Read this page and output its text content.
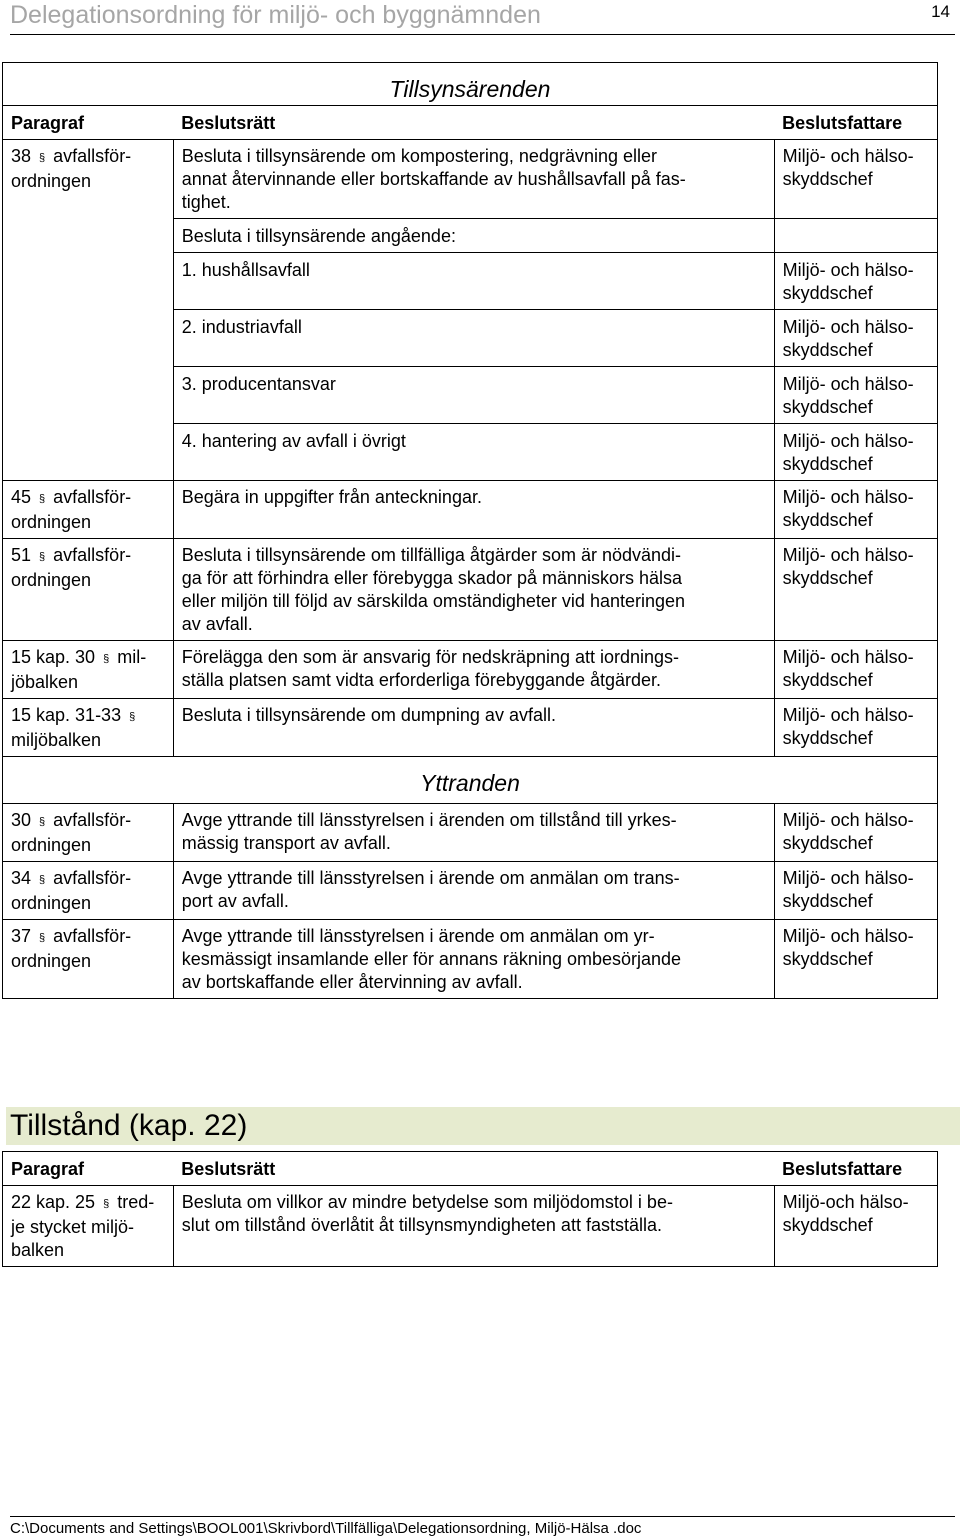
Delegationsordning för miljö- och byggnämnden	14
Tillsynsärenden		
Paragraf	Beslutsrätt	Beslutsfattare
38 § avfallsför-
ordningen	Besluta i tillsynsärende om kompostering, nedgrävning eller
annat återvinnande eller bortskaffande av hushållsavfall på fas-
tighet.	Miljö- och hälso-
skyddschef
	Besluta i tillsynsärende angående:	
	1. hushållsavfall	Miljö- och hälso-
skyddschef
	2. industriavfall	Miljö- och hälso-
skyddschef
	3. producentansvar	Miljö- och hälso-
skyddschef
	4. hantering av avfall i övrigt	Miljö- och hälso-
skyddschef
45 § avfallsför-
ordningen	Begära in uppgifter från anteckningar.	Miljö- och hälso-
skyddschef
51 § avfallsför-
ordningen	Besluta i tillsynsärende om tillfälliga åtgärder som är nödvändi-
ga för att förhindra eller förebygga skador på människors hälsa
eller miljön till följd av särskilda omständigheter vid hanteringen
av avfall.	Miljö- och hälso-
skyddschef
15 kap. 30 § mil-
jöbalken	Förelägga den som är ansvarig för nedskräpning att iordnings-
ställa platsen samt vidta erforderliga förebyggande åtgärder.	Miljö- och hälso-
skyddschef
15 kap. 31-33 §
miljöbalken	Besluta i tillsynsärende om dumpning av avfall.	Miljö- och hälso-
skyddschef
Yttranden		
30 § avfallsför-
ordningen	Avge yttrande till länsstyrelsen i ärenden om tillstånd till yrkes-
mässig transport av avfall.	Miljö- och hälso-
skyddschef
34 § avfallsför-
ordningen	Avge yttrande till länsstyrelsen i ärende om anmälan om trans-
port av avfall.	Miljö- och hälso-
skyddschef
37 § avfallsför-
ordningen	Avge yttrande till länsstyrelsen i ärende om anmälan om yr-
kesmässigt insamlande eller för annans räkning ombesörjande
av bortskaffande eller återvinning av avfall.	Miljö- och hälso-
skyddschef
Tillstånd (kap. 22)
Paragraf	Beslutsrätt	Beslutsfattare
22 kap. 25 § tred-
je stycket miljö-
balken	Besluta om villkor av mindre betydelse som miljödomstol i be-
slut om tillstånd överlåtit åt tillsynsmyndigheten att fastställa.	Miljö-och hälso-
skyddschef
C:\Documents and Settings\BOOL001\Skrivbord\Tillfälliga\Delegationsordning, Miljö-Hälsa .doc
